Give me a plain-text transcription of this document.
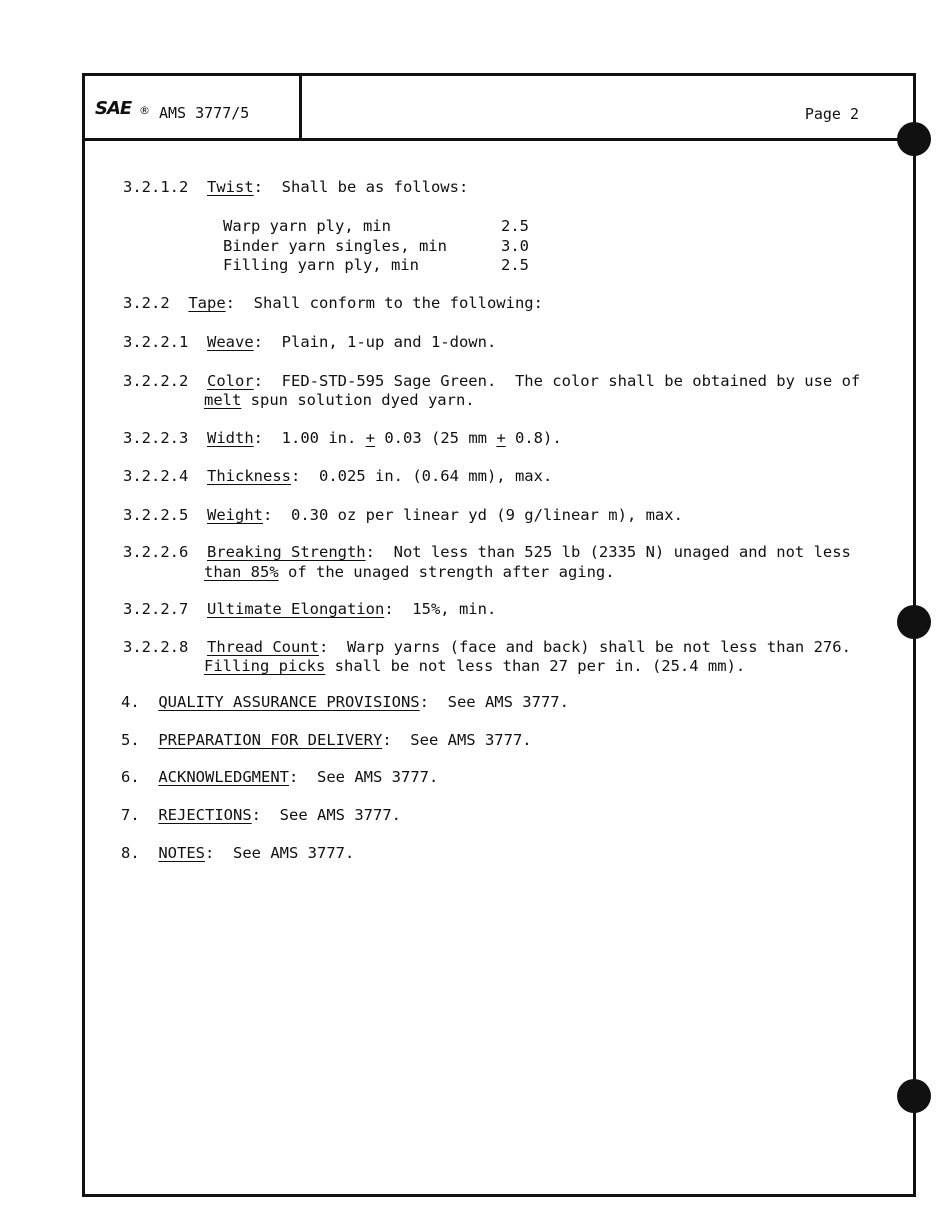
SAE ® AMS 3777/5	Page 2
3.2.1.2 Twist:  Shall be as follows:
Warp yarn ply, min	2.5
Binder yarn singles, min	3.0
Filling yarn ply, min	2.5
3.2.2 Tape:  Shall conform to the following:
3.2.2.1 Weave:  Plain, 1-up and 1-down.
3.2.2.2 Color:  FED-STD-595 Sage Green.  The color shall be obtained by use of
melt spun solution dyed yarn.
3.2.2.3 Width:  1.00 in. + 0.03 (25 mm + 0.8).
3.2.2.4 Thickness:  0.025 in. (0.64 mm), max.
3.2.2.5 Weight:  0.30 oz per linear yd (9 g/linear m), max.
3.2.2.6 Breaking Strength:  Not less than 525 lb (2335 N) unaged and not less
than 85% of the unaged strength after aging.
3.2.2.7 Ultimate Elongation:  15%, min.
3.2.2.8 Thread Count:  Warp yarns (face and back) shall be not less than 276.
Filling picks shall be not less than 27 per in. (25.4 mm).
4. QUALITY ASSURANCE PROVISIONS:  See AMS 3777.
5. PREPARATION FOR DELIVERY:  See AMS 3777.
6. ACKNOWLEDGMENT:  See AMS 3777.
7. REJECTIONS:  See AMS 3777.
8. NOTES:  See AMS 3777.
